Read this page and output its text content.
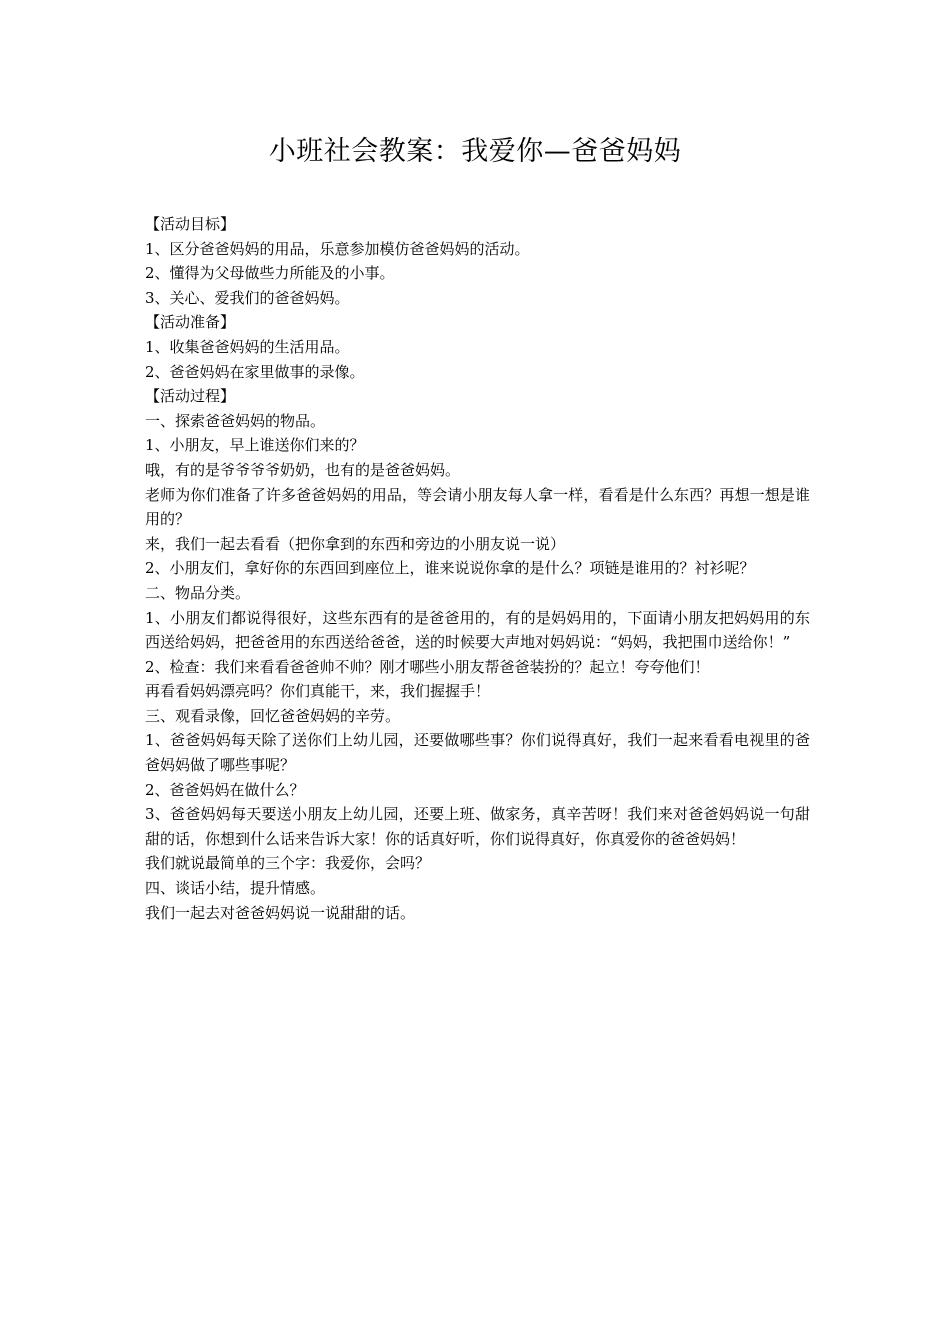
小班社会教案：我爱你—爸爸妈妈

【活动目标】

1、区分爸爸妈妈的用品，乐意参加模仿爸爸妈妈的活动。

2、懂得为父母做些力所能及的小事。

3、关心、爱我们的爸爸妈妈。

【活动准备】

1、收集爸爸妈妈的生活用品。

2、爸爸妈妈在家里做事的录像。

【活动过程】

一、探索爸爸妈妈的物品。

1、小朋友，早上谁送你们来的？

哦，有的是爷爷爷爷奶奶，也有的是爸爸妈妈。

老师为你们准备了许多爸爸妈妈的用品，等会请小朋友每人拿一样，看看是什么东西？再想一想是谁用的？

来，我们一起去看看（把你拿到的东西和旁边的小朋友说一说）

2、小朋友们，拿好你的东西回到座位上，谁来说说你拿的是什么？项链是谁用的？衬衫呢？

二、物品分类。

1、小朋友们都说得很好，这些东西有的是爸爸用的，有的是妈妈用的，下面请小朋友把妈妈用的东西送给妈妈，把爸爸用的东西送给爸爸，送的时候要大声地对妈妈说：“妈妈，我把围巾送给你！”

2、检查：我们来看看爸爸帅不帅？刚才哪些小朋友帮爸爸装扮的？起立！夸夸他们！

再看看妈妈漂亮吗？你们真能干，来，我们握握手！

三、观看录像，回忆爸爸妈妈的辛劳。

1、爸爸妈妈每天除了送你们上幼儿园，还要做哪些事？你们说得真好，我们一起来看看电视里的爸爸妈妈做了哪些事呢？

2、爸爸妈妈在做什么？

3、爸爸妈妈每天要送小朋友上幼儿园，还要上班、做家务，真辛苦呀！我们来对爸爸妈妈说一句甜甜的话，你想到什么话来告诉大家！你的话真好听，你们说得真好，你真爱你的爸爸妈妈！

我们就说最简单的三个字：我爱你，会吗？

四、谈话小结，提升情感。

我们一起去对爸爸妈妈说一说甜甜的话。
